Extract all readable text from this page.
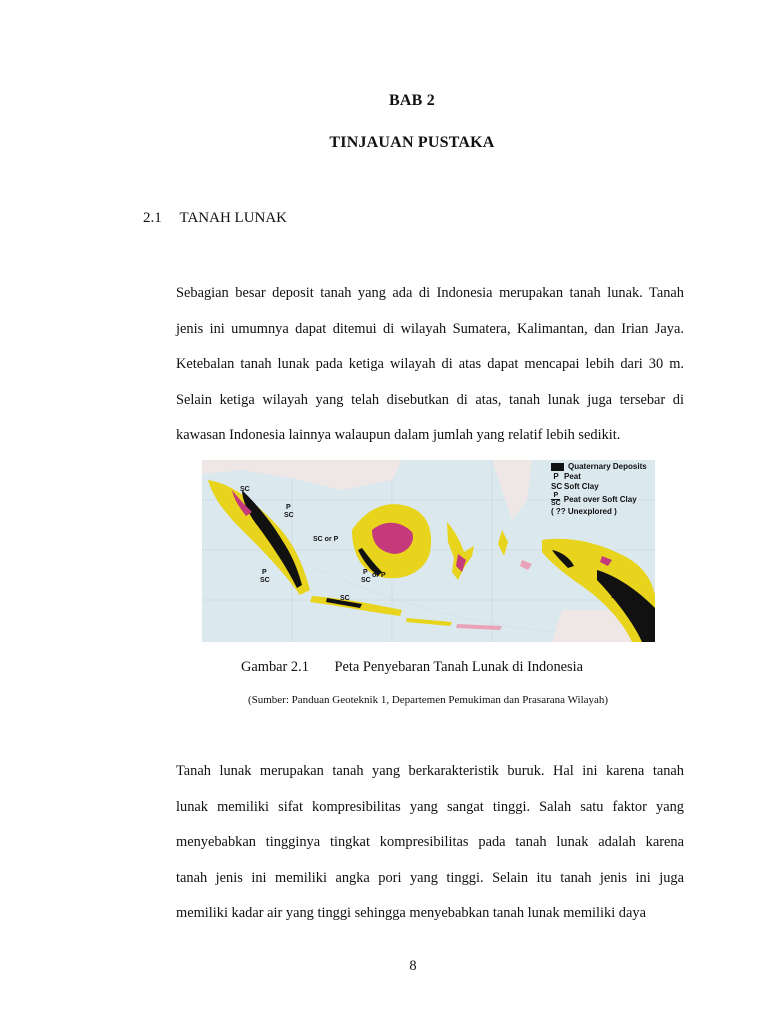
BAB 2
TINJAUAN PUSTAKA
2.1 TANAH LUNAK
Sebagian besar deposit tanah yang ada di Indonesia merupakan tanah lunak. Tanah
jenis ini umumnya dapat ditemui di wilayah Sumatera, Kalimantan, dan Irian Jaya.
Ketebalan tanah lunak pada ketiga wilayah di atas dapat mencapai lebih dari 30 m.
Selain ketiga wilayah yang telah disebutkan di atas, tanah lunak juga tersebar di
kawasan Indonesia lainnya walaupun dalam jumlah yang relatif lebih sedikit.
SC
P
SC
SC or P
P
SC
P
SC
or P
SC	??
Quaternary Deposits
P Peat
SC Soft Clay
$\frac{P}{SC}$ Peat over Soft Clay
( ?? Unexplored )
Gambar 2.1 Peta Penyebaran Tanah Lunak di Indonesia
(Sumber: Panduan Geoteknik 1, Departemen Pemukiman dan Prasarana Wilayah)
Tanah lunak merupakan tanah yang berkarakteristik buruk. Hal ini karena tanah
lunak memiliki sifat kompresibilitas yang sangat tinggi. Salah satu faktor yang
menyebabkan tingginya tingkat kompresibilitas pada tanah lunak adalah karena
tanah jenis ini memiliki angka pori yang tinggi. Selain itu tanah jenis ini juga
memiliki kadar air yang tinggi sehingga menyebabkan tanah lunak memiliki daya
8
